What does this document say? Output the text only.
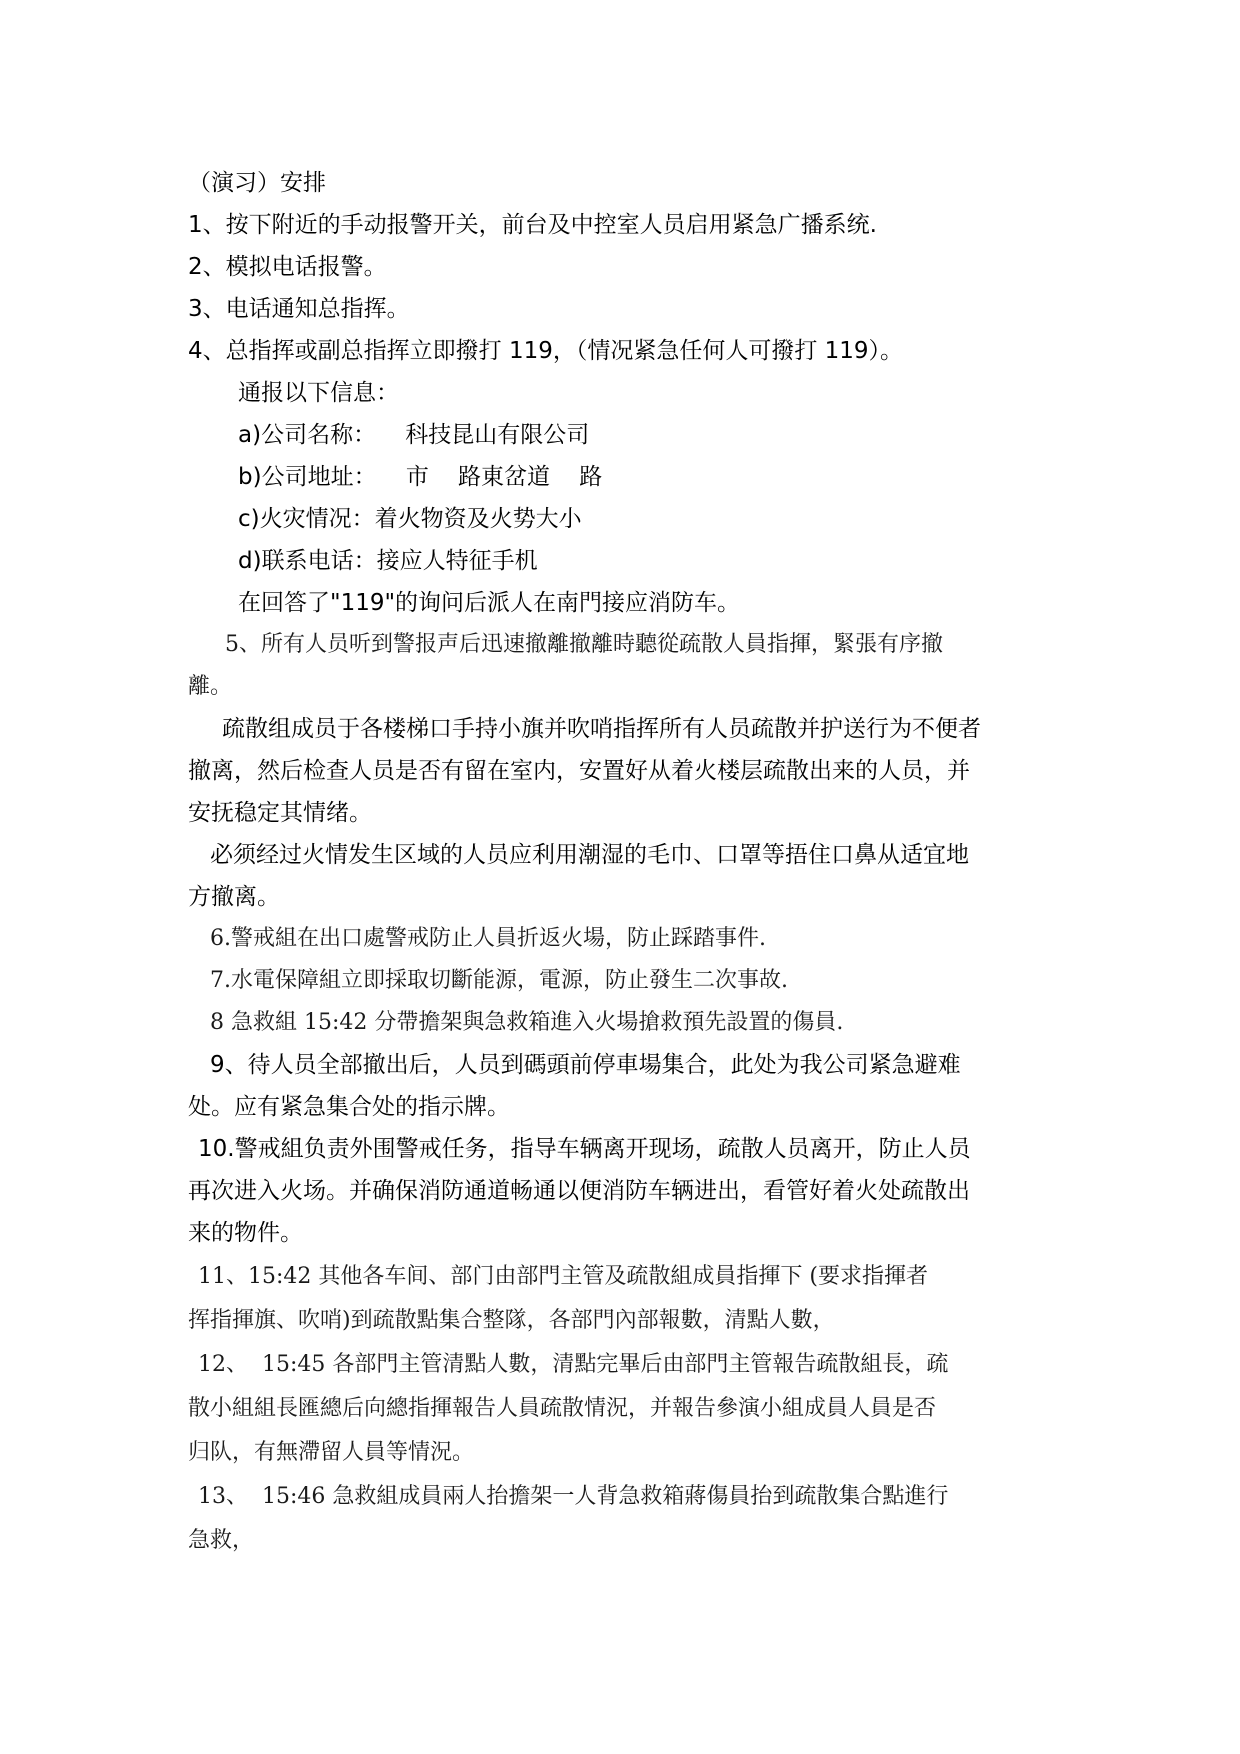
（演习）安排

1、按下附近的手动报警开关，前台及中控室人员启用紧急广播系统.

2、模拟电话报警。

3、电话通知总指挥。

4、总指挥或副总指挥立即撥打 119，（情况紧急任何人可撥打 119）。

通报以下信息：

a)公司名称：    科技昆山有限公司

b)公司地址：    市    路東岔道    路

c)火灾情况：着火物资及火势大小

d)联系电话：接应人特征手机

在回答了"119"的询问后派人在南門接应消防车。

5、所有人员听到警报声后迅速撤離撤離時聽從疏散人員指揮，緊張有序撤

離。

疏散组成员于各楼梯口手持小旗并吹哨指挥所有人员疏散并护送行为不便者

撤离，然后检查人员是否有留在室内，安置好从着火楼层疏散出来的人员，并

安抚稳定其情绪。

必须经过火情发生区域的人员应利用潮湿的毛巾、口罩等捂住口鼻从适宜地

方撤离。

6.警戒組在出口處警戒防止人員折返火場，防止踩踏事件.

7.水電保障組立即採取切斷能源，電源，防止發生二次事故.

8 急救組 15:42 分帶擔架與急救箱進入火場搶救預先設置的傷員.

9、待人员全部撤出后，人员到碼頭前停車場集合，此处为我公司紧急避难

处。应有紧急集合处的指示牌。

10.警戒組负责外围警戒任务，指导车辆离开现场，疏散人员离开，防止人员

再次进入火场。并确保消防通道畅通以便消防车辆进出，看管好着火处疏散出

来的物件。

11、15:42 其他各车间、部门由部門主管及疏散組成員指揮下 (要求指揮者

挥指揮旗、吹哨)到疏散點集合整隊，各部門內部報數，清點人數，

12、  15:45 各部門主管清點人數，清點完畢后由部門主管報告疏散組長，疏

散小組組長匯總后向總指揮報告人員疏散情況，并報告參演小組成員人員是否

归队，有無滯留人員等情況。

13、  15:46 急救組成員兩人抬擔架一人背急救箱蔣傷員抬到疏散集合點進行

急救，
